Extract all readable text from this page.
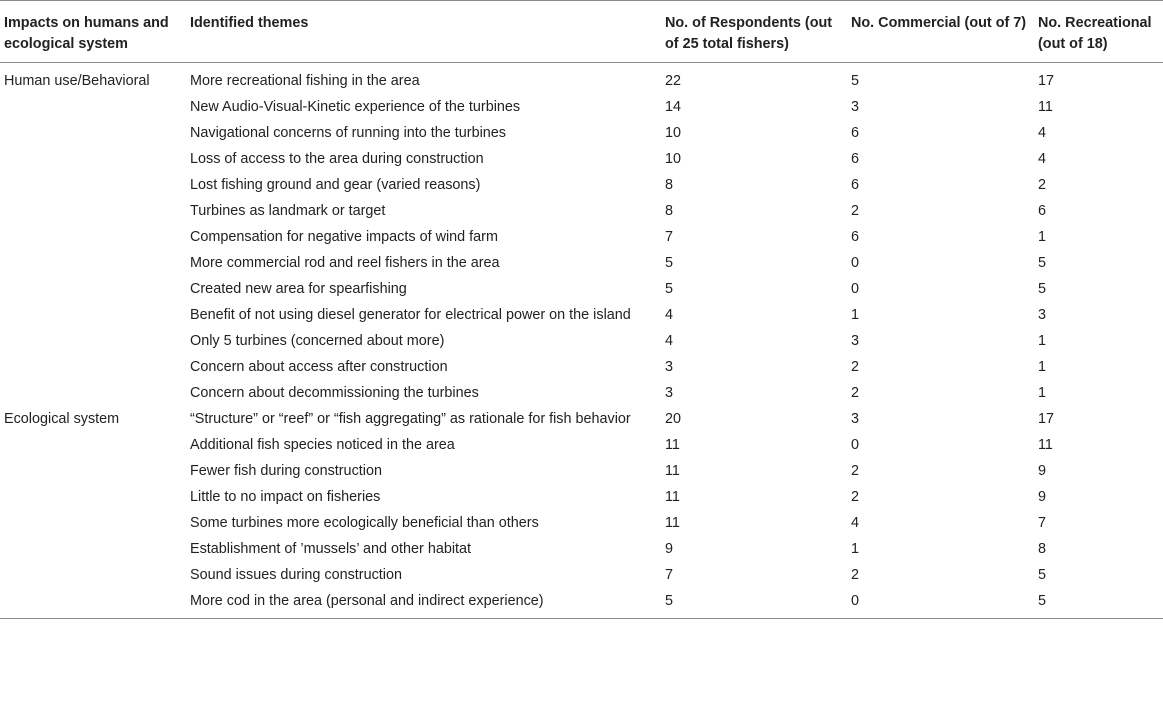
Impacts on humans and ecological system	Identified themes	No. of Respondents (out of 25 total fishers)	No. Commercial (out of 7)	No. Recreational (out of 18)
Human use/Behavioral	More recreational fishing in the area	22	5	17
	New Audio-Visual-Kinetic experience of the turbines	14	3	11
	Navigational concerns of running into the turbines	10	6	4
	Loss of access to the area during construction	10	6	4
	Lost fishing ground and gear (varied reasons)	8	6	2
	Turbines as landmark or target	8	2	6
	Compensation for negative impacts of wind farm	7	6	1
	More commercial rod and reel fishers in the area	5	0	5
	Created new area for spearfishing	5	0	5
	Benefit of not using diesel generator for electrical power on the island	4	1	3
	Only 5 turbines (concerned about more)	4	3	1
	Concern about access after construction	3	2	1
	Concern about decommissioning the turbines	3	2	1
Ecological system	“Structure” or “reef” or “fish aggregating” as rationale for fish behavior	20	3	17
	Additional fish species noticed in the area	11	0	11
	Fewer fish during construction	11	2	9
	Little to no impact on fisheries	11	2	9
	Some turbines more ecologically beneficial than others	11	4	7
	Establishment of ’mussels’ and other habitat	9	1	8
	Sound issues during construction	7	2	5
	More cod in the area (personal and indirect experience)	5	0	5
